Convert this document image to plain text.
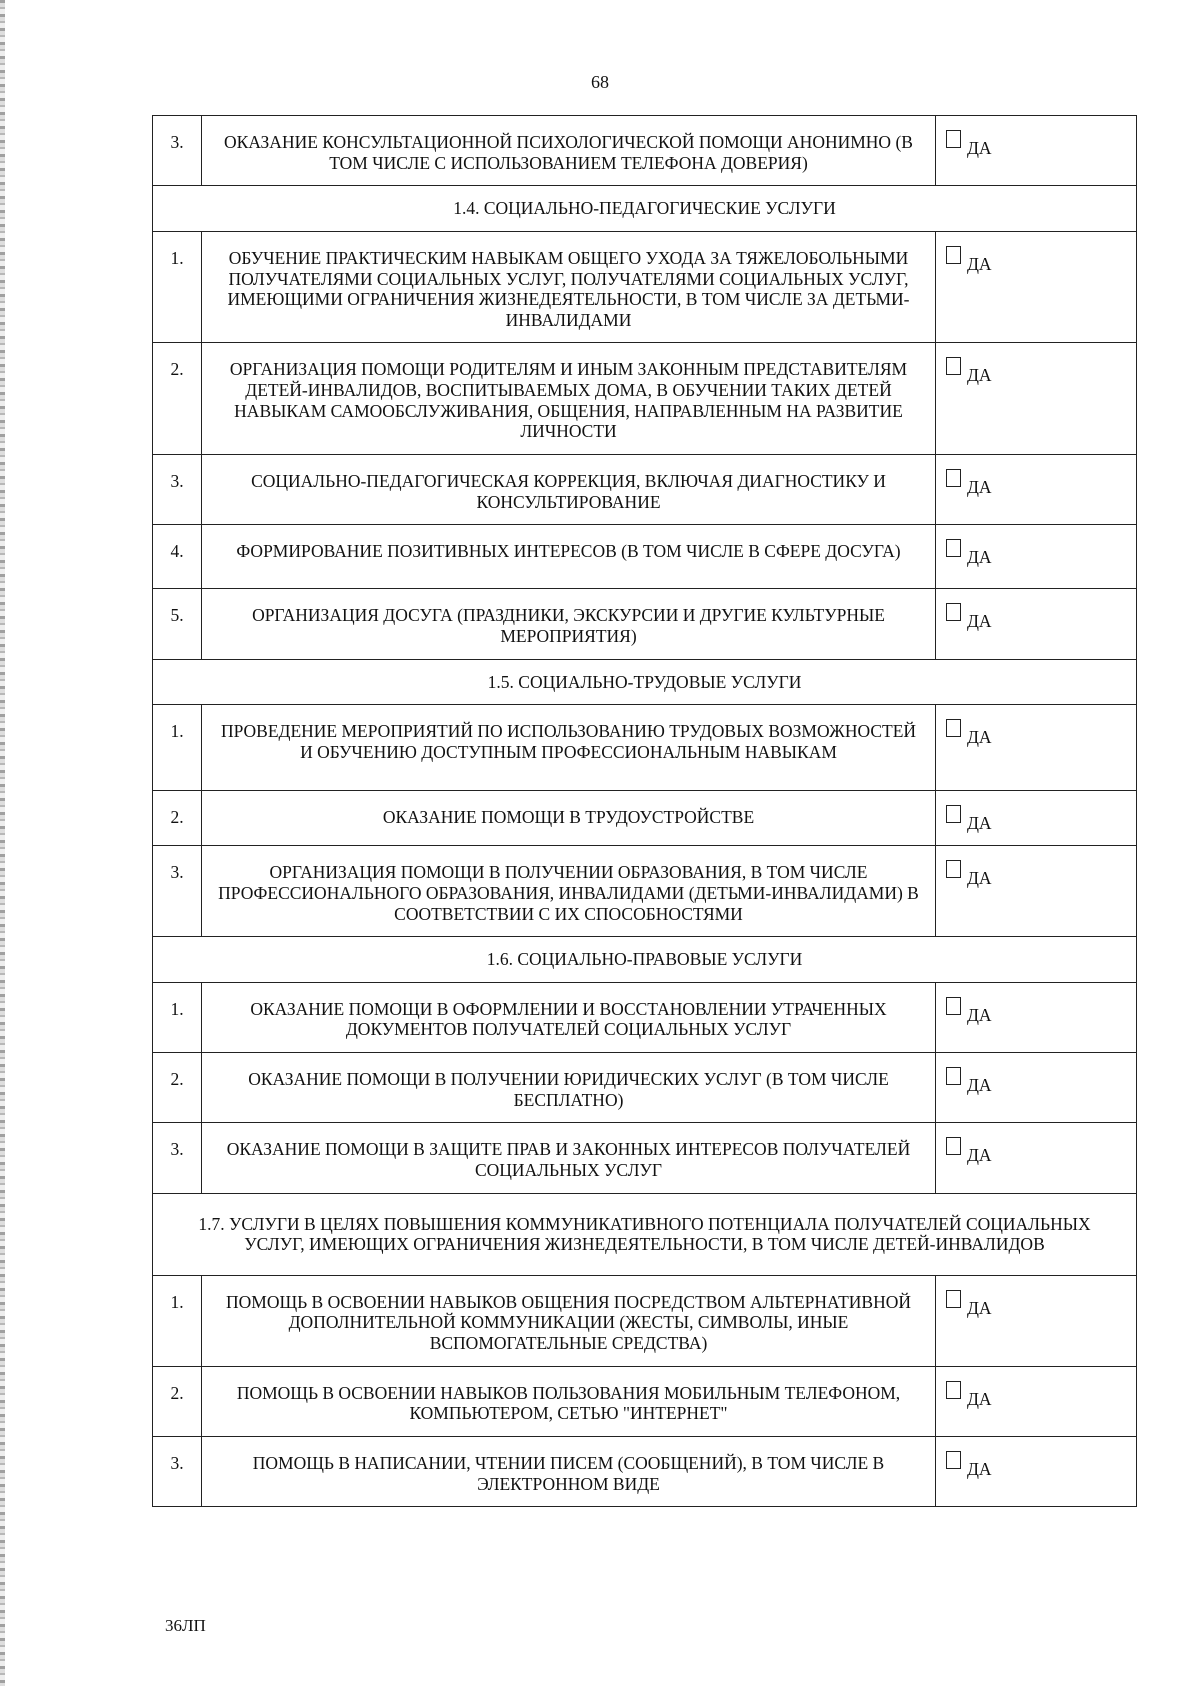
68
3.	ОКАЗАНИЕ КОНСУЛЬТАЦИОННОЙ ПСИХОЛОГИЧЕСКОЙ ПОМОЩИ АНОНИМНО (В ТОМ ЧИСЛЕ С ИСПОЛЬЗОВАНИЕМ ТЕЛЕФОНА ДОВЕРИЯ)	ДА
1.4. СОЦИАЛЬНО-ПЕДАГОГИЧЕСКИЕ УСЛУГИ		
1.	ОБУЧЕНИЕ ПРАКТИЧЕСКИМ НАВЫКАМ ОБЩЕГО УХОДА ЗА ТЯЖЕЛОБОЛЬНЫМИ ПОЛУЧАТЕЛЯМИ СОЦИАЛЬНЫХ УСЛУГ, ПОЛУЧАТЕЛЯМИ СОЦИАЛЬНЫХ УСЛУГ, ИМЕЮЩИМИ ОГРАНИЧЕНИЯ ЖИЗНЕДЕЯТЕЛЬНОСТИ, В ТОМ ЧИСЛЕ ЗА ДЕТЬМИ-ИНВАЛИДАМИ	ДА
2.	ОРГАНИЗАЦИЯ ПОМОЩИ РОДИТЕЛЯМ И ИНЫМ ЗАКОННЫМ ПРЕДСТАВИТЕЛЯМ ДЕТЕЙ-ИНВАЛИДОВ, ВОСПИТЫВАЕМЫХ ДОМА, В ОБУЧЕНИИ ТАКИХ ДЕТЕЙ НАВЫКАМ САМООБСЛУЖИВАНИЯ, ОБЩЕНИЯ, НАПРАВЛЕННЫМ НА РАЗВИТИЕ ЛИЧНОСТИ	ДА
3.	СОЦИАЛЬНО-ПЕДАГОГИЧЕСКАЯ КОРРЕКЦИЯ, ВКЛЮЧАЯ ДИАГНОСТИКУ И КОНСУЛЬТИРОВАНИЕ	ДА
4.	ФОРМИРОВАНИЕ ПОЗИТИВНЫХ ИНТЕРЕСОВ (В ТОМ ЧИСЛЕ В СФЕРЕ ДОСУГА)	ДА
5.	ОРГАНИЗАЦИЯ ДОСУГА (ПРАЗДНИКИ, ЭКСКУРСИИ И ДРУГИЕ КУЛЬТУРНЫЕ МЕРОПРИЯТИЯ)	ДА
1.5. СОЦИАЛЬНО-ТРУДОВЫЕ УСЛУГИ		
1.	ПРОВЕДЕНИЕ МЕРОПРИЯТИЙ ПО ИСПОЛЬЗОВАНИЮ ТРУДОВЫХ ВОЗМОЖНОСТЕЙ И ОБУЧЕНИЮ ДОСТУПНЫМ ПРОФЕССИОНАЛЬНЫМ НАВЫКАМ	ДА
2.	ОКАЗАНИЕ ПОМОЩИ В ТРУДОУСТРОЙСТВЕ	ДА
3.	ОРГАНИЗАЦИЯ ПОМОЩИ В ПОЛУЧЕНИИ ОБРАЗОВАНИЯ, В ТОМ ЧИСЛЕ ПРОФЕССИОНАЛЬНОГО ОБРАЗОВАНИЯ, ИНВАЛИДАМИ (ДЕТЬМИ-ИНВАЛИДАМИ) В СООТВЕТСТВИИ С ИХ СПОСОБНОСТЯМИ	ДА
1.6. СОЦИАЛЬНО-ПРАВОВЫЕ УСЛУГИ		
1.	ОКАЗАНИЕ ПОМОЩИ В ОФОРМЛЕНИИ И ВОССТАНОВЛЕНИИ УТРАЧЕННЫХ ДОКУМЕНТОВ ПОЛУЧАТЕЛЕЙ СОЦИАЛЬНЫХ УСЛУГ	ДА
2.	ОКАЗАНИЕ ПОМОЩИ В ПОЛУЧЕНИИ ЮРИДИЧЕСКИХ УСЛУГ (В ТОМ ЧИСЛЕ БЕСПЛАТНО)	ДА
3.	ОКАЗАНИЕ ПОМОЩИ В ЗАЩИТЕ ПРАВ И ЗАКОННЫХ ИНТЕРЕСОВ ПОЛУЧАТЕЛЕЙ СОЦИАЛЬНЫХ УСЛУГ	ДА
1.7. УСЛУГИ В ЦЕЛЯХ ПОВЫШЕНИЯ КОММУНИКАТИВНОГО ПОТЕНЦИАЛА ПОЛУЧАТЕЛЕЙ СОЦИАЛЬНЫХ УСЛУГ, ИМЕЮЩИХ ОГРАНИЧЕНИЯ ЖИЗНЕДЕЯТЕЛЬНОСТИ, В ТОМ ЧИСЛЕ ДЕТЕЙ-ИНВАЛИДОВ		
1.	ПОМОЩЬ В ОСВОЕНИИ НАВЫКОВ ОБЩЕНИЯ ПОСРЕДСТВОМ АЛЬТЕРНАТИВНОЙ ДОПОЛНИТЕЛЬНОЙ КОММУНИКАЦИИ (ЖЕСТЫ, СИМВОЛЫ, ИНЫЕ ВСПОМОГАТЕЛЬНЫЕ СРЕДСТВА)	ДА
2.	ПОМОЩЬ В ОСВОЕНИИ НАВЫКОВ ПОЛЬЗОВАНИЯ МОБИЛЬНЫМ ТЕЛЕФОНОМ, КОМПЬЮТЕРОМ, СЕТЬЮ "ИНТЕРНЕТ"	ДА
3.	ПОМОЩЬ В НАПИСАНИИ, ЧТЕНИИ ПИСЕМ (СООБЩЕНИЙ), В ТОМ ЧИСЛЕ В ЭЛЕКТРОННОМ ВИДЕ	ДА
36ЛП
